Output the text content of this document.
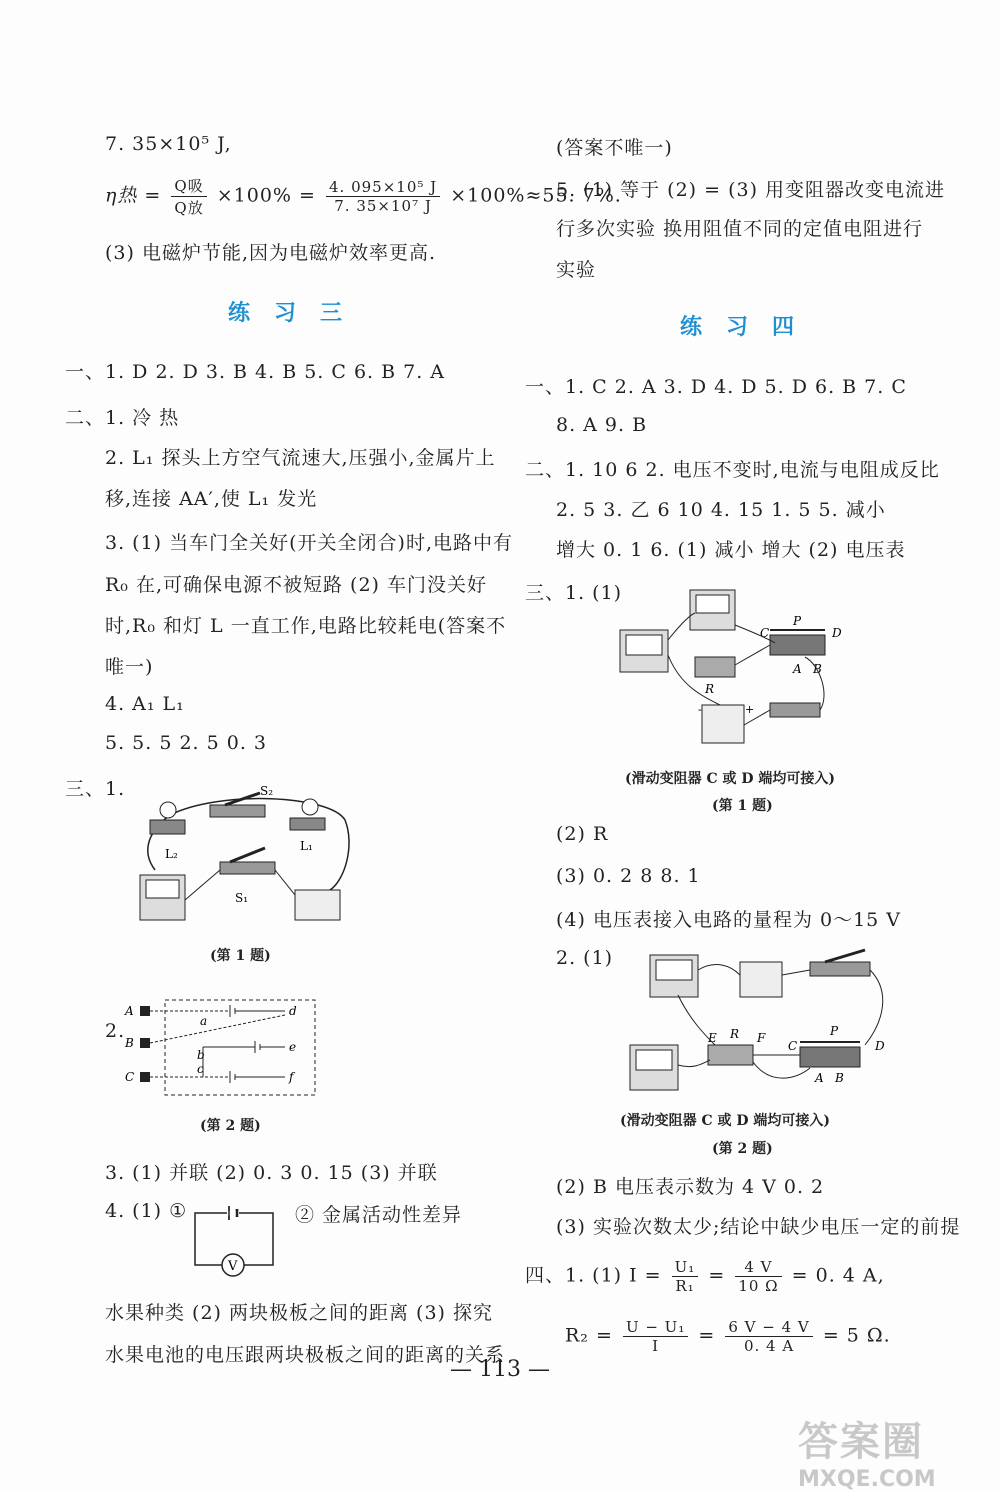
7. 35×10⁵ J,
η热 = $\frac{\text{Q吸}}{\text{Q放}} \times 100\% = \frac{\text{4. 095×10⁵ J}}{\text{7. 35×10⁷ J}} \times 100\%\approx 55$. 7%.
(3) 电磁炉节能,因为电磁炉效率更高.
练习三
一、1. D 2. D 3. B 4. B 5. C 6. B 7. A
二、1. 冷 热
2. L₁ 探头上方空气流速大,压强小,金属片上
移,连接 AA′,使 L₁ 发光
3. (1) 当车门全关好(开关全闭合)时,电路中有
R₀ 在,可确保电源不被短路 (2) 车门没关好
时,R₀ 和灯 L 一直工作,电路比较耗电(答案不
唯一)
4. A₁ L₁
5. 5. 5 2. 5 0. 3
三、1.	S₂
L₂
L₁
S₁
(第 1 题)
2.
A
B
C
a
b
c
d
e
f
(第 2 题)
3. (1) 并联 (2) 0. 3 0. 15 (3) 并联
4. (1) ①
V
② 金属活动性差异
水果种类 (2) 两块极板之间的距离 (3) 探究
水果电池的电压跟两块极板之间的距离的关系
(答案不唯一)
5. (1) 等于 (2) = (3) 用变阻器改变电流进
行多次实验 换用阻值不同的定值电阻进行
实验
练习四
一、1. C 2. A 3. D 4. D 5. D 6. B 7. C
8. A 9. B
二、1. 10 6 2. 电压不变时,电流与电阻成反比
2. 5 3. 乙 6 10 4. 15 1. 5 5. 减小
增大 0. 1 6. (1) 减小 增大 (2) 电压表
三、1. (1)
R
P
C	D
A B
-	+
(滑动变阻器 C 或 D 端均可接入)
(第 1 题)
(2) R
(3) 0. 2 8 8. 1
(4) 电压表接入电路的量程为 0～15 V
2. (1)
E R F
C
P
D
A B
(滑动变阻器 C 或 D 端均可接入)
(第 2 题)
(2) B 电压表示数为 4 V 0. 2
(3) 实验次数太少;结论中缺少电压一定的前提
四、1. (1) $I = \frac{\text{U₁}}{\text{R₁}} = \frac{4 V}{10 \Omega} = 0$. 4 A,
$R_2 = \frac{\text{U − U₁}}{I} = \frac{6 V - 4 V}{0. 4 A} = 5$ Ω.
— 113 —
答案圈
MXQE.COM
